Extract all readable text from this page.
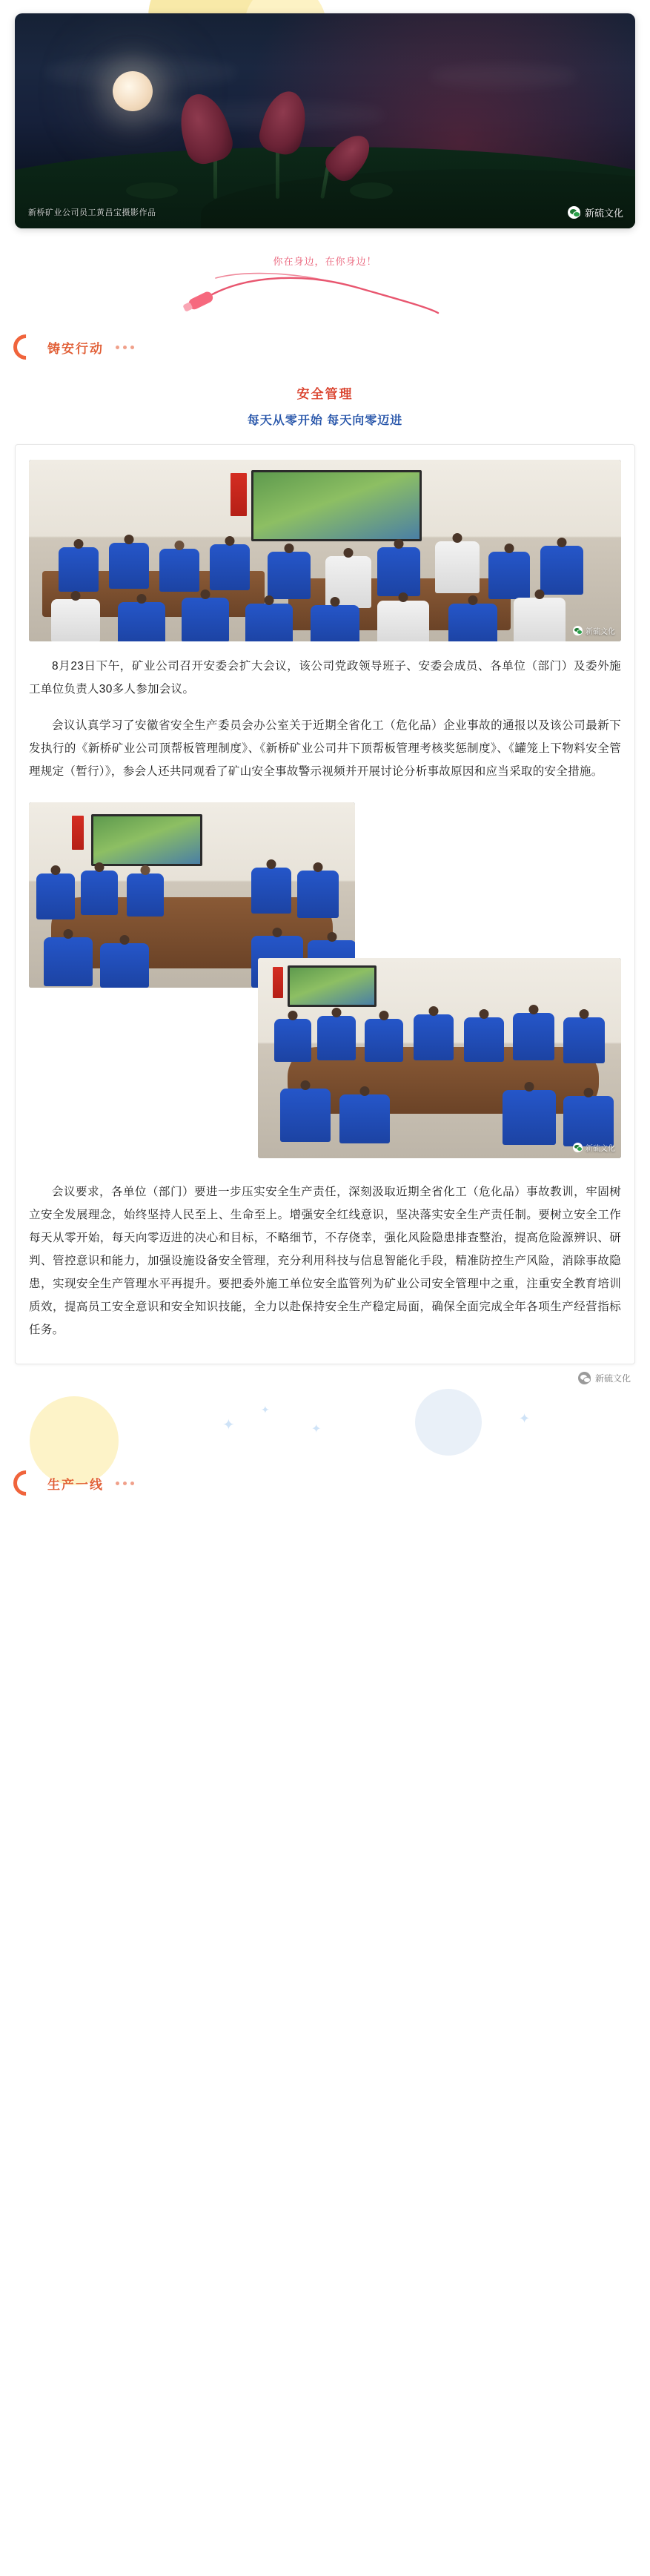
新桥矿业公司员工黄昌宝摄影作品	新硫文化
你在身边，在你身边！
铸安行动
安全管理
每天从零开始 每天向零迈进
新硫文化

8月23日下午，矿业公司召开安委会扩大会议，该公司党政领导班子、安委会成员、各单位（部门）及委外施工单位负责人30多人参加会议。

会议认真学习了安徽省安全生产委员会办公室关于近期全省化工（危化品）企业事故的通报以及该公司最新下发执行的《新桥矿业公司顶帮板管理制度》、《新桥矿业公司井下顶帮板管理考核奖惩制度》、《罐笼上下物料安全管理规定（暂行）》，参会人还共同观看了矿山安全事故警示视频并开展讨论分析事故原因和应当采取的安全措施。

新硫文化

会议要求，各单位（部门）要进一步压实安全生产责任，深刻汲取近期全省化工（危化品）事故教训，牢固树立安全发展理念，始终坚持人民至上、生命至上。增强安全红线意识，坚决落实安全生产责任制。要树立安全工作每天从零开始，每天向零迈进的决心和目标，不略细节，不存侥幸，强化风险隐患排查整治，提高危险源辨识、研判、管控意识和能力，加强设施设备安全管理，充分利用科技与信息智能化手段，精准防控生产风险，消除事故隐患，实现安全生产管理水平再提升。要把委外施工单位安全监管列为矿业公司安全管理中之重，注重安全教育培训质效，提高员工安全意识和安全知识技能，全力以赴保持安全生产稳定局面，确保全面完成全年各项生产经营指标任务。

新硫文化
✦
✦
✦
✦
生产一线
